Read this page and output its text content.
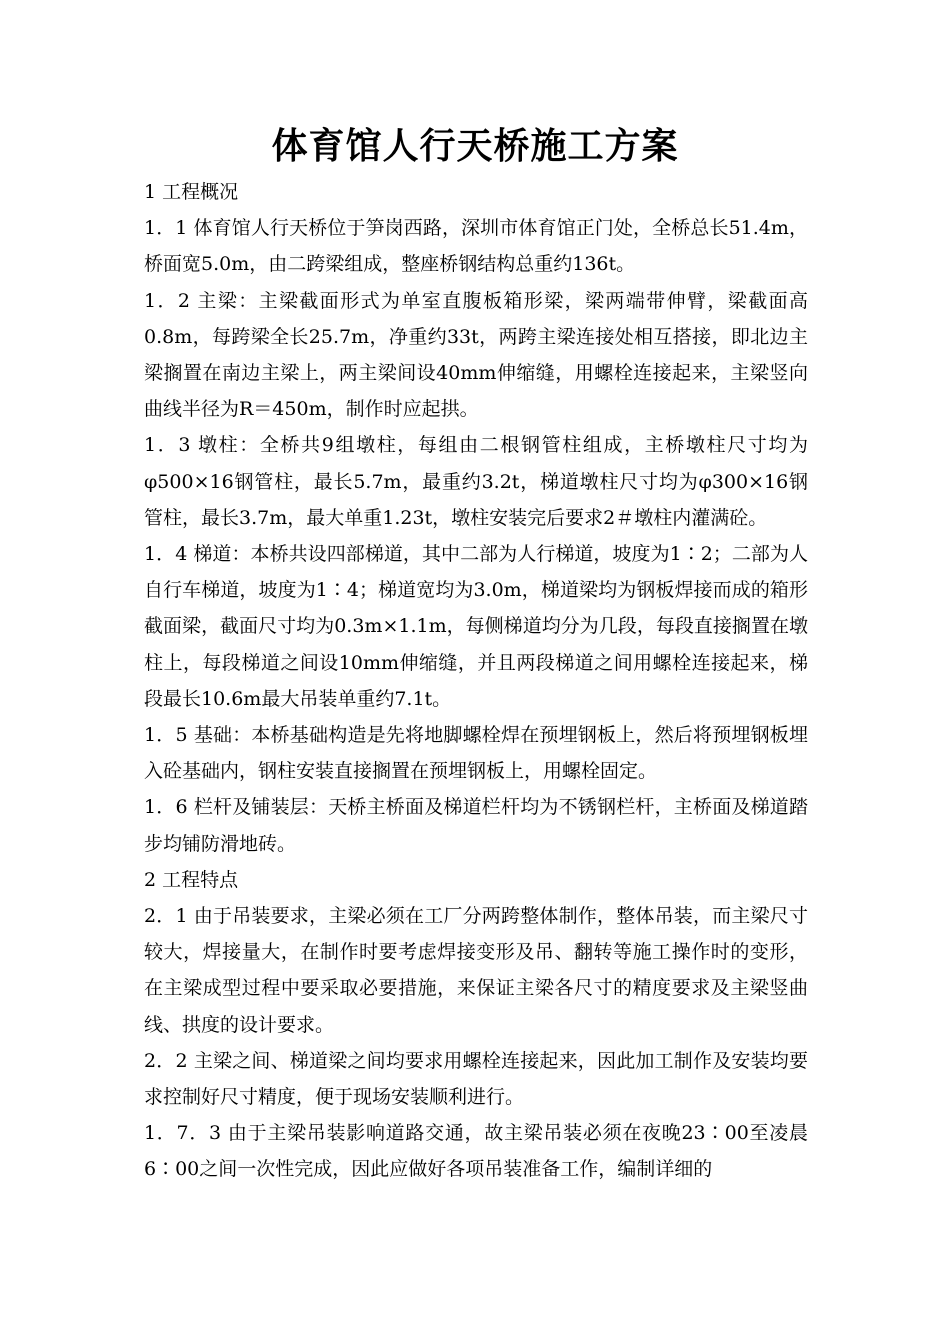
体育馆人行天桥施工方案

1 工程概况

1．1 体育馆人行天桥位于笋岗西路，深圳市体育馆正门处，全桥总长51.4m，桥面宽5.0m，由二跨梁组成，整座桥钢结构总重约136t。

1．2 主梁：主梁截面形式为单室直腹板箱形梁，梁两端带伸臂，梁截面高0.8m，每跨梁全长25.7m，净重约33t，两跨主梁连接处相互搭接，即北边主梁搁置在南边主梁上，两主梁间设40mm伸缩缝，用螺栓连接起来，主梁竖向曲线半径为R＝450m，制作时应起拱。

1．3 墩柱：全桥共9组墩柱，每组由二根钢管柱组成，主桥墩柱尺寸均为φ500×16钢管柱，最长5.7m，最重约3.2t，梯道墩柱尺寸均为φ300×16钢管柱，最长3.7m，最大单重1.23t，墩柱安装完后要求2＃墩柱内灌满砼。

1．4 梯道：本桥共设四部梯道，其中二部为人行梯道，坡度为1∶2；二部为人自行车梯道，坡度为1∶4；梯道宽均为3.0m，梯道梁均为钢板焊接而成的箱形截面梁，截面尺寸均为0.3m×1.1m，每侧梯道均分为几段，每段直接搁置在墩柱上，每段梯道之间设10mm伸缩缝，并且两段梯道之间用螺栓连接起来，梯段最长10.6m最大吊装单重约7.1t。

1．5 基础：本桥基础构造是先将地脚螺栓焊在预埋钢板上，然后将预埋钢板埋入砼基础内，钢柱安装直接搁置在预埋钢板上，用螺栓固定。

1．6 栏杆及铺装层：天桥主桥面及梯道栏杆均为不锈钢栏杆，主桥面及梯道踏步均铺防滑地砖。

2 工程特点

2．1 由于吊装要求，主梁必须在工厂分两跨整体制作，整体吊装，而主梁尺寸较大，焊接量大，在制作时要考虑焊接变形及吊、翻转等施工操作时的变形，在主梁成型过程中要采取必要措施，来保证主梁各尺寸的精度要求及主梁竖曲线、拱度的设计要求。

2．2 主梁之间、梯道梁之间均要求用螺栓连接起来，因此加工制作及安装均要求控制好尺寸精度，便于现场安装顺利进行。

1．7．3 由于主梁吊装影响道路交通，故主梁吊装必须在夜晚23∶00至凌晨6∶00之间一次性完成，因此应做好各项吊装准备工作，编制详细的
